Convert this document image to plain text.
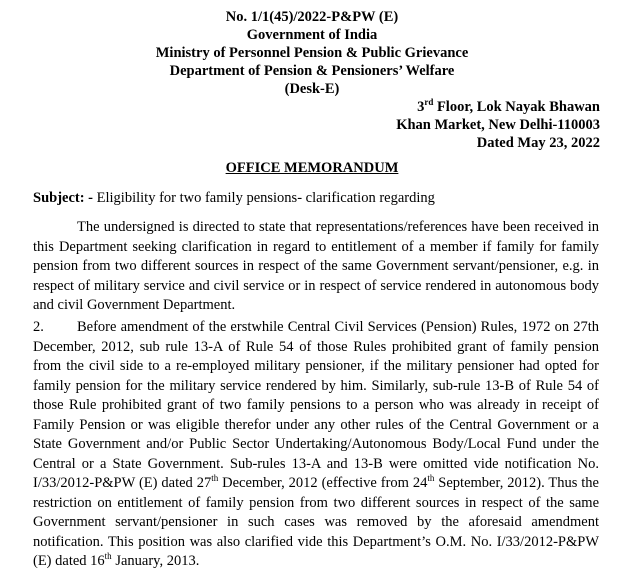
No. 1/1(45)/2022-P&PW (E)
Government of India
Ministry of Personnel Pension & Public Grievance
Department of Pension & Pensioners’ Welfare
(Desk-E)
3rd Floor, Lok Nayak Bhawan
Khan Market, New Delhi-110003
Dated May 23, 2022
OFFICE MEMORANDUM
Subject: - Eligibility for two family pensions- clarification regarding
The undersigned is directed to state that representations/references have been received in this Department seeking clarification in regard to entitlement of a member if family for family pension from two different sources in respect of the same Government servant/pensioner, e.g. in respect of military service and civil service or in respect of service rendered in autonomous body and civil Government Department.
2. Before amendment of the erstwhile Central Civil Services (Pension) Rules, 1972 on 27th December, 2012, sub rule 13-A of Rule 54 of those Rules prohibited grant of family pension from the civil side to a re-employed military pensioner, if the military pensioner had opted for family pension for the military service rendered by him. Similarly, sub-rule 13-B of Rule 54 of those Rule prohibited grant of two family pensions to a person who was already in receipt of Family Pension or was eligible therefor under any other rules of the Central Government or a State Government and/or Public Sector Undertaking/Autonomous Body/Local Fund under the Central or a State Government. Sub-rules 13-A and 13-B were omitted vide notification No. I/33/2012-P&PW (E) dated 27th December, 2012 (effective from 24th September, 2012). Thus the restriction on entitlement of family pension from two different sources in respect of the same Government servant/pensioner in such cases was removed by the aforesaid amendment notification. This position was also clarified vide this Department’s O.M. No. I/33/2012-P&PW (E) dated 16th January, 2013.
